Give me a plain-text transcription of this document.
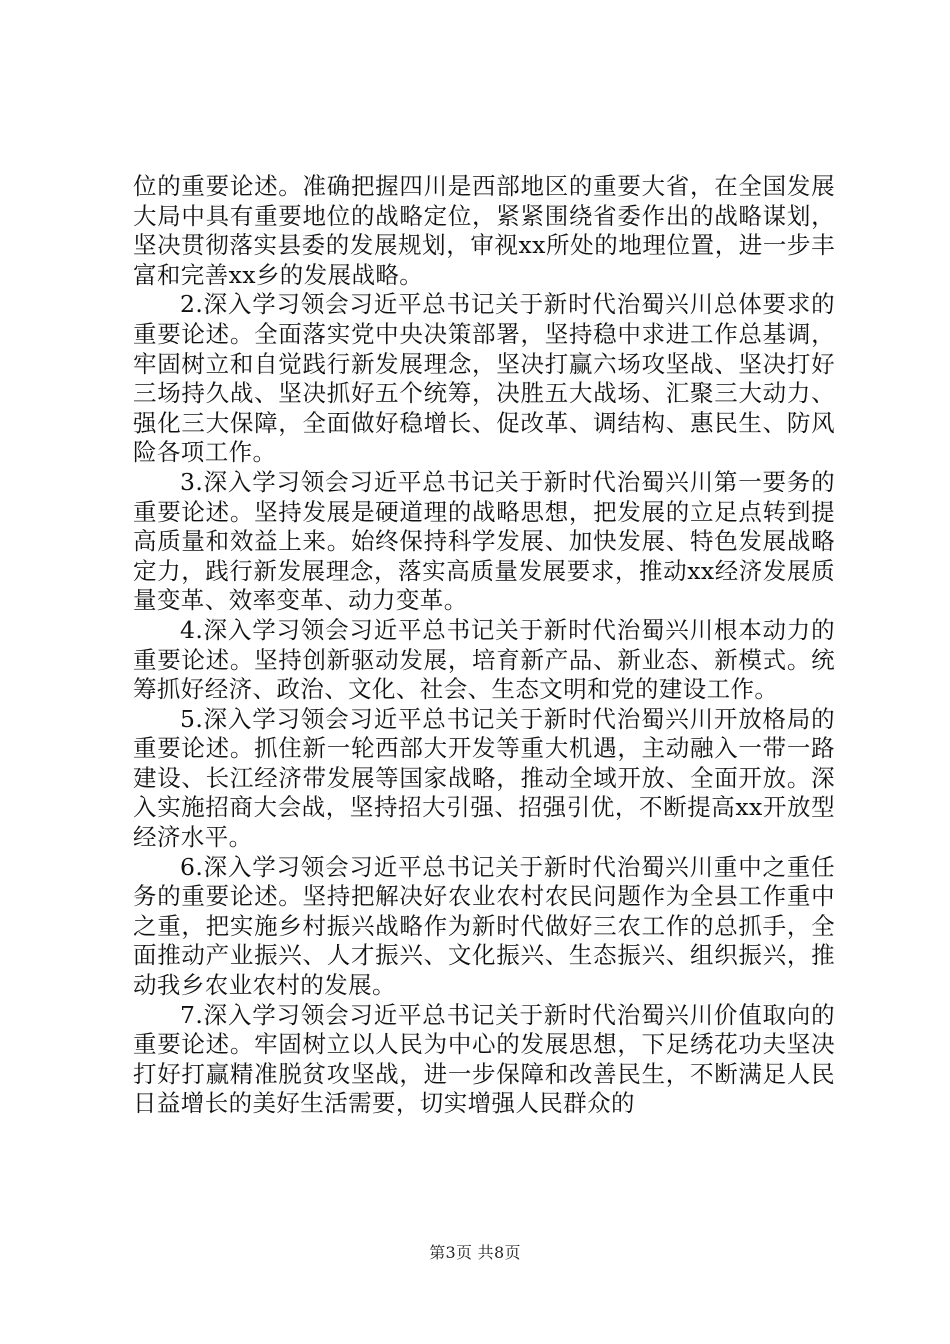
位的重要论述。准确把握四川是西部地区的重要大省，在全国发展大局中具有重要地位的战略定位，紧紧围绕省委作出的战略谋划，坚决贯彻落实县委的发展规划，审视xx所处的地理位置，进一步丰富和完善xx乡的发展战略。

2.深入学习领会习近平总书记关于新时代治蜀兴川总体要求的重要论述。全面落实党中央决策部署，坚持稳中求进工作总基调，牢固树立和自觉践行新发展理念，坚决打赢六场攻坚战、坚决打好三场持久战、坚决抓好五个统筹，决胜五大战场、汇聚三大动力、强化三大保障，全面做好稳增长、促改革、调结构、惠民生、防风险各项工作。

3.深入学习领会习近平总书记关于新时代治蜀兴川第一要务的重要论述。坚持发展是硬道理的战略思想，把发展的立足点转到提高质量和效益上来。始终保持科学发展、加快发展、特色发展战略定力，践行新发展理念，落实高质量发展要求，推动xx经济发展质量变革、效率变革、动力变革。

4.深入学习领会习近平总书记关于新时代治蜀兴川根本动力的重要论述。坚持创新驱动发展，培育新产品、新业态、新模式。统筹抓好经济、政治、文化、社会、生态文明和党的建设工作。

5.深入学习领会习近平总书记关于新时代治蜀兴川开放格局的重要论述。抓住新一轮西部大开发等重大机遇，主动融入一带一路建设、长江经济带发展等国家战略，推动全域开放、全面开放。深入实施招商大会战，坚持招大引强、招强引优，不断提高xx开放型经济水平。

6.深入学习领会习近平总书记关于新时代治蜀兴川重中之重任务的重要论述。坚持把解决好农业农村农民问题作为全县工作重中之重，把实施乡村振兴战略作为新时代做好三农工作的总抓手，全面推动产业振兴、人才振兴、文化振兴、生态振兴、组织振兴，推动我乡农业农村的发展。

7.深入学习领会习近平总书记关于新时代治蜀兴川价值取向的重要论述。牢固树立以人民为中心的发展思想，下足绣花功夫坚决打好打赢精准脱贫攻坚战，进一步保障和改善民生，不断满足人民日益增长的美好生活需要，切实增强人民群众的

第3页 共8页
